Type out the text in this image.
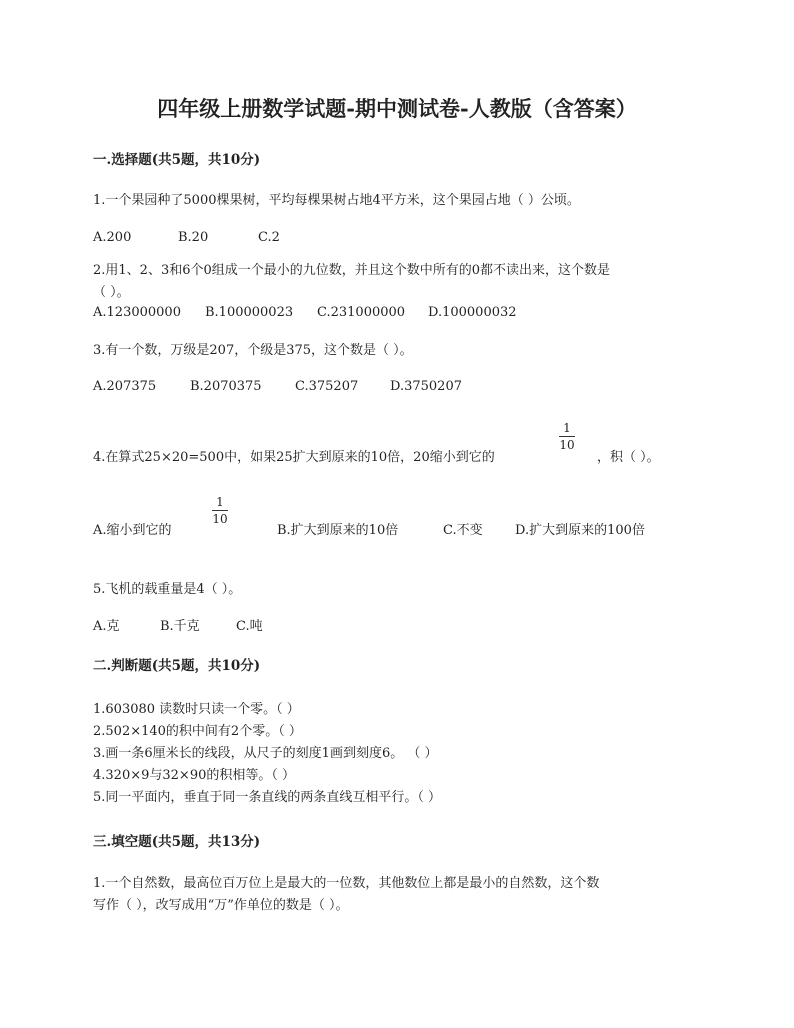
四年级上册数学试题-期中测试卷-人教版（含答案）
一.选择题(共5题，共10分)
1.一个果园种了5000棵果树，平均每棵果树占地4平方米，这个果园占地（ ）公顷。
A.200	B.20	C.2
2.用1、2、3和6个0组成一个最小的九位数，并且这个数中所有的0都不读出来，这个数是
（ ）。
A.123000000 B.100000023 C.231000000 D.100000032
3.有一个数，万级是207，个级是375，这个数是（ ）。
A.207375	B.2070375	C.375207 D.3750207
4.在算式25×20=500中，如果25扩大到原来的10倍，20缩小到它的
1
10
，积（ ）。
A.缩小到它的
1
10
B.扩大到原来的10倍	C.不变 D.扩大到原来的100倍
5.飞机的载重量是4（ ）。
A.克	B.千克	C.吨
二.判断题(共5题，共10分)
1.603080 读数时只读一个零。（ ）
2.502×140的积中间有2个零。（ ）
3.画一条6厘米长的线段，从尺子的刻度1画到刻度6。 （ ）
4.320×9与32×90的积相等。（ ）
5.同一平面内，垂直于同一条直线的两条直线互相平行。（ ）
三.填空题(共5题，共13分)
1.一个自然数，最高位百万位上是最大的一位数，其他数位上都是最小的自然数，这个数
写作（ ），改写成用“万”作单位的数是（ ）。
